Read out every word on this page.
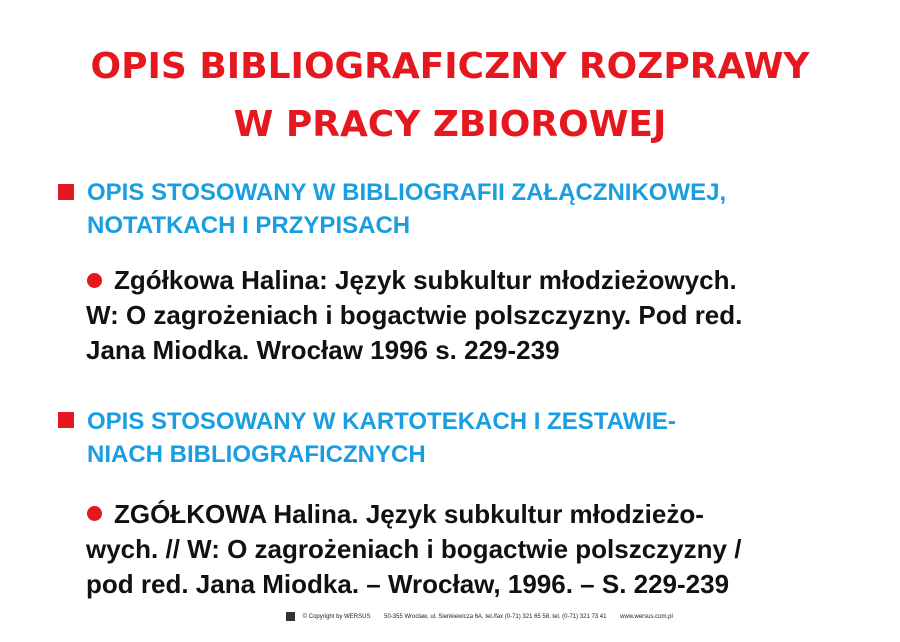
OPIS BIBLIOGRAFICZNY ROZPRAWY
W PRACY ZBIOROWEJ
OPIS STOSOWANY W BIBLIOGRAFII ZAŁĄCZNIKOWEJ,
NOTATKACH I PRZYPISACH
Zgółkowa Halina: Język subkultur młodzieżowych.
W: O zagrożeniach i bogactwie polszczyzny. Pod red.
Jana Miodka. Wrocław 1996 s. 229-239
OPIS STOSOWANY W KARTOTEKACH I ZESTAWIE-
NIACH BIBLIOGRAFICZNYCH
ZGÓŁKOWA Halina. Język subkultur młodzieżo-
wych. // W: O zagrożeniach i bogactwie polszczyzny /
pod red. Jana Miodka. – Wrocław, 1996. – S. 229-239
© Copyright by WERSUS 50-355 Wrocław, ul. Sienkiewicza 6A, tel./fax (0-71) 321 65 58, tel. (0-71) 321 73 41 www.wersus.com.pl
